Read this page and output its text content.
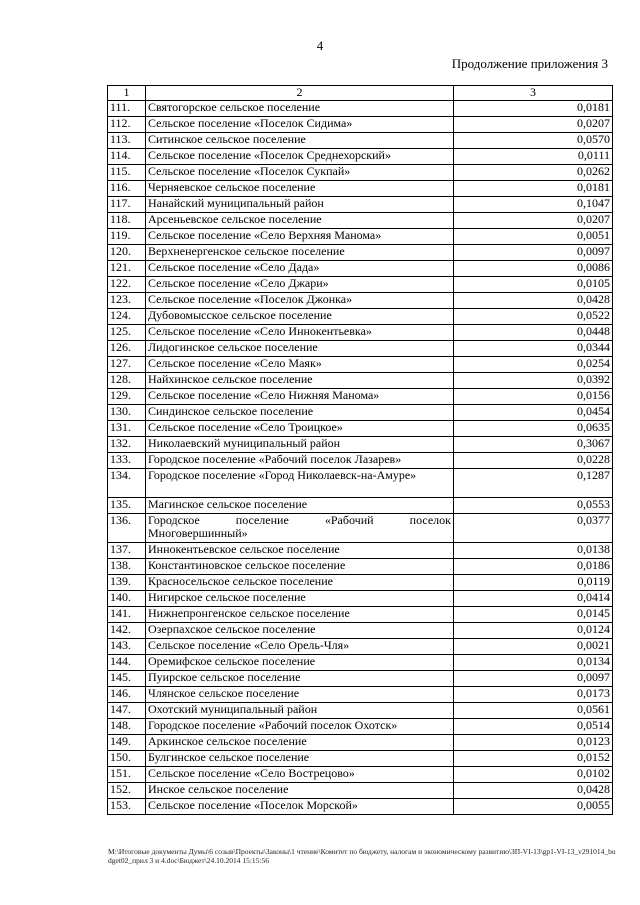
4
Продолжение приложения 3
1	2	3
111.	Святогорское сельское поселение	0,0181
112.	Сельское поселение «Поселок Сидима»	0,0207
113.	Ситинское сельское поселение	0,0570
114.	Сельское поселение «Поселок Среднехорский»	0,0111
115.	Сельское поселение «Поселок Сукпай»	0,0262
116.	Черняевское сельское поселение	0,0181
117.	Нанайский муниципальный район	0,1047
118.	Арсеньевское сельское поселение	0,0207
119.	Сельское поселение «Село Верхняя Манома»	0,0051
120.	Верхненергенское сельское поселение	0,0097
121.	Сельское поселение «Село Дада»	0,0086
122.	Сельское поселение «Село Джари»	0,0105
123.	Сельское поселение «Поселок Джонка»	0,0428
124.	Дубовомысское сельское поселение	0,0522
125.	Сельское поселение «Село Иннокентьевка»	0,0448
126.	Лидогинское сельское поселение	0,0344
127.	Сельское поселение «Село Маяк»	0,0254
128.	Найхинское сельское поселение	0,0392
129.	Сельское поселение «Село Нижняя Манома»	0,0156
130.	Синдинское сельское поселение	0,0454
131.	Сельское поселение «Село Троицкое»	0,0635
132.	Николаевский муниципальный район	0,3067
133.	Городское поселение «Рабочий поселок Лазарев»	0,0228
134.	Городское поселение «Город Николаевск-на-Амуре»	0,1287
135.	Магинское сельское поселение	0,0553
136.	Городское поселение «Рабочий поселок Многовершинный»	0,0377
137.	Иннокентьевское сельское поселение	0,0138
138.	Константиновское сельское поселение	0,0186
139.	Красносельское сельское поселение	0,0119
140.	Нигирское сельское поселение	0,0414
141.	Нижнепронгенское сельское поселение	0,0145
142.	Озерпахское сельское поселение	0,0124
143.	Сельское поселение «Село Орель-Чля»	0,0021
144.	Оремифское сельское поселение	0,0134
145.	Пуирское сельское поселение	0,0097
146.	Члянское сельское поселение	0,0173
147.	Охотский муниципальный район	0,0561
148.	Городское поселение «Рабочий поселок Охотск»	0,0514
149.	Аркинское сельское поселение	0,0123
150.	Булгинское сельское поселение	0,0152
151.	Сельское поселение «Село Вострецово»	0,0102
152.	Инское сельское поселение	0,0428
153.	Сельское поселение «Поселок Морской»	0,0055
M:\Итоговые документы Думы\6 созыв\Проекты\Законы\1 чтение\Комитет по бюджету, налогам и экономическому развитию\ЗП-VI-13\gp1-VI-13_v291014_budget02_прил 3 и 4.doc\Бюджет\24.10.2014 15:15:56
